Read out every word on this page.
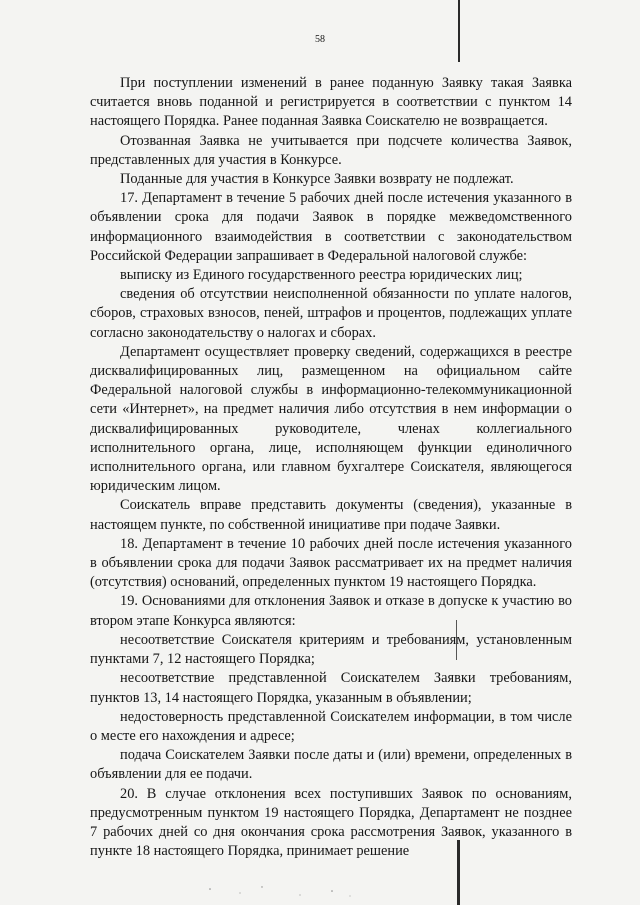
58

При поступлении изменений в ранее поданную Заявку такая Заявка считается вновь поданной и регистрируется в соответствии с пунктом 14 настоящего Порядка. Ранее поданная Заявка Соискателю не возвращается.

Отозванная Заявка не учитывается при подсчете количества Заявок, представленных для участия в Конкурсе.

Поданные для участия в Конкурсе Заявки возврату не подлежат.

17. Департамент в течение 5 рабочих дней после истечения указанного в объявлении срока для подачи Заявок в порядке межведомственного информационного взаимодействия в соответствии с законодательством Российской Федерации запрашивает в Федеральной налоговой службе:

выписку из Единого государственного реестра юридических лиц;

сведения об отсутствии неисполненной обязанности по уплате налогов, сборов, страховых взносов, пеней, штрафов и процентов, подлежащих уплате согласно законодательству о налогах и сборах.

Департамент осуществляет проверку сведений, содержащихся в реестре дисквалифицированных лиц, размещенном на официальном сайте Федеральной налоговой службы в информационно-телекоммуникационной сети «Интернет», на предмет наличия либо отсутствия в нем информации о дисквалифицированных руководителе, членах коллегиального исполнительного органа, лице, исполняющем функции единоличного исполнительного органа, или главном бухгалтере Соискателя, являющегося юридическим лицом.

Соискатель вправе представить документы (сведения), указанные в настоящем пункте, по собственной инициативе при подаче Заявки.

18. Департамент в течение 10 рабочих дней после истечения указанного в объявлении срока для подачи Заявок рассматривает их на предмет наличия (отсутствия) оснований, определенных пунктом 19 настоящего Порядка.

19. Основаниями для отклонения Заявок и отказе в допуске к участию во втором этапе Конкурса являются:

несоответствие Соискателя критериям и требованиям, установленным пунктами 7, 12 настоящего Порядка;

несоответствие представленной Соискателем Заявки требованиям, пунктов 13, 14 настоящего Порядка, указанным в объявлении;

недостоверность представленной Соискателем информации, в том числе о месте его нахождения и адресе;

подача Соискателем Заявки после даты и (или) времени, определенных в объявлении для ее подачи.

20. В случае отклонения всех поступивших Заявок по основаниям, предусмотренным пунктом 19 настоящего Порядка, Департамент не позднее 7 рабочих дней со дня окончания срока рассмотрения Заявок, указанного в пункте 18 настоящего Порядка, принимает решение
